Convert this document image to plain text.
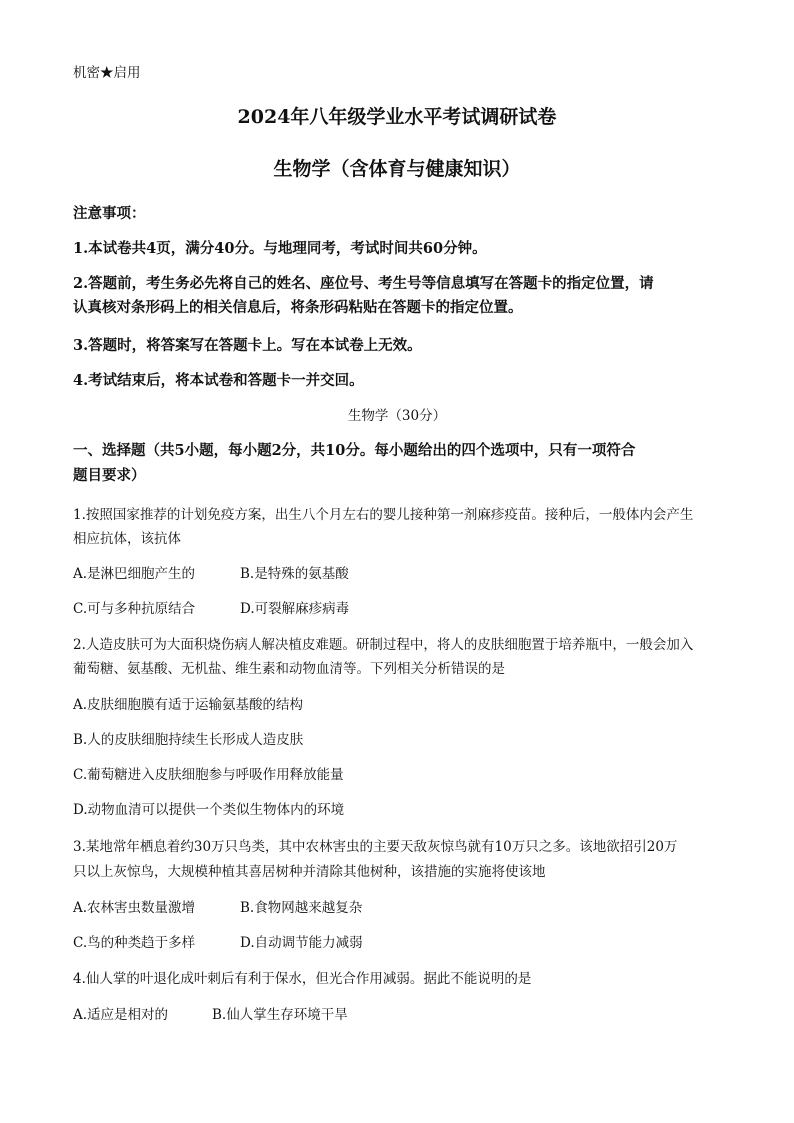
机密★启用
2024年八年级学业水平考试调研试卷
生物学（含体育与健康知识）
注意事项：
1.本试卷共4页，满分40分。与地理同考，考试时间共60分钟。
2.答题前，考生务必先将自己的姓名、座位号、考生号等信息填写在答题卡的指定位置，请
认真核对条形码上的相关信息后，将条形码粘贴在答题卡的指定位置。
3.答题时，将答案写在答题卡上。写在本试卷上无效。
4.考试结束后，将本试卷和答题卡一并交回。
生物学（30分）
一、选择题（共5小题，每小题2分，共10分。每小题给出的四个选项中，只有一项符合
题目要求）
1.按照国家推荐的计划免疫方案，出生八个月左右的婴儿接种第一剂麻疹疫苗。接种后，一般体内会产生
相应抗体，该抗体
A.是淋巴细胞产生的	B.是特殊的氨基酸
C.可与多种抗原结合	D.可裂解麻疹病毒
2.人造皮肤可为大面积烧伤病人解决植皮难题。研制过程中，将人的皮肤细胞置于培养瓶中，一般会加入
葡萄糖、氨基酸、无机盐、维生素和动物血清等。下列相关分析错误的是
A.皮肤细胞膜有适于运输氨基酸的结构
B.人的皮肤细胞持续生长形成人造皮肤
C.葡萄糖进入皮肤细胞参与呼吸作用释放能量
D.动物血清可以提供一个类似生物体内的环境
3.某地常年栖息着约30万只鸟类，其中农林害虫的主要天敌灰惊鸟就有10万只之多。该地欲招引20万
只以上灰惊鸟，大规模种植其喜居树种并清除其他树种，该措施的实施将使该地
A.农林害虫数量激增	B.食物网越来越复杂
C.鸟的种类趋于多样	D.自动调节能力减弱
4.仙人掌的叶退化成叶刺后有利于保水，但光合作用减弱。据此不能说明的是
A.适应是相对的	B.仙人掌生存环境干旱
